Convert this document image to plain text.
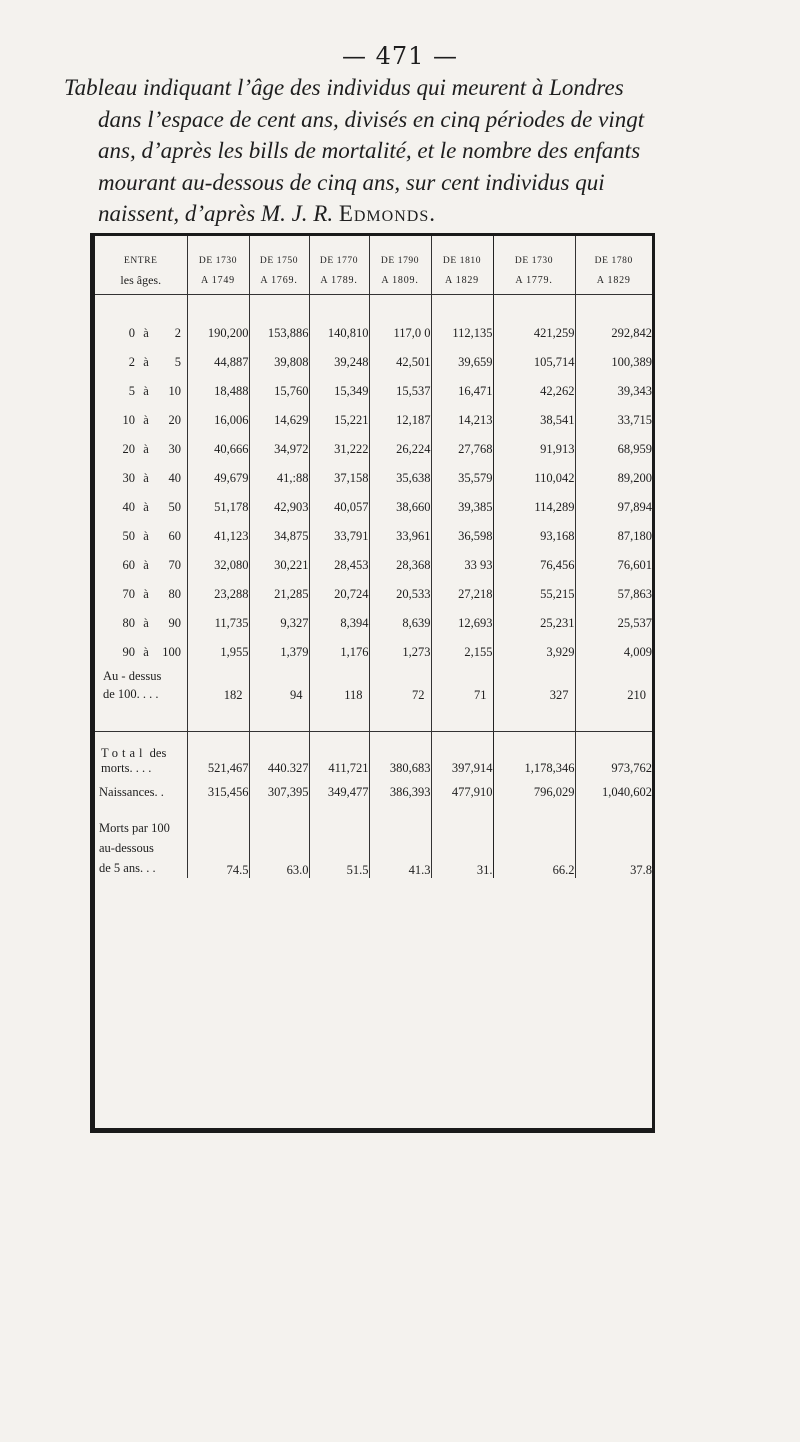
— 471 —
Tableau indiquant l’âge des individus qui meurent à Londres
dans l’espace de cent ans, divisés en cinq périodes de vingt
ans, d’après les bills de mortalité, et le nombre des enfants
mourant au-dessous de cinq ans, sur cent individus qui
naissent, d’après M. J. R. Edmonds.
ENTRE	DE 1730	DE 1750	DE 1770	DE 1790	DE 1810	DE 1730	DE 1780
les âges.	A 1749	A 1769.	A 1789.	A 1809.	A 1829	A 1779.	A 1829

0 à 2	190,200	153,886	140,810	117,0 0	112,135	421,259	292,842
2 à 5	44,887	39,808	39,248	42,501	39,659	105,714	100,389
5 à 10	18,488	15,760	15,349	15,537	16,471	42,262	39,343
10 à 20	16,006	14,629	15,221	12,187	14,213	38,541	33,715
20 à 30	40,666	34,972	31,222	26,224	27,768	91,913	68,959
30 à 40	49,679	41,:88	37,158	35,638	35,579	110,042	89,200
40 à 50	51,178	42,903	40,057	38,660	39,385	114,289	97,894
50 à 60	41,123	34,875	33,791	33,961	36,598	93,168	87,180
60 à 70	32,080	30,221	28,453	28,368	33 93	76,456	76,601
70 à 80	23,288	21,285	20,724	20,533	27,218	55,215	57,863
80 à 90	11,735	9,327	8,394	8,639	12,693	25,231	25,537
90 à 100	1,955	1,379	1,176	1,273	2,155	3,929	4,009
Au - dessus
de 100. . . .	182	94	118	72	71	327	210

Total des
morts. . . .	521,467	440.327	411,721	380,683	397,914	1,178,346	973,762
Naissances. .	315,456	307,395	349,477	386,393	477,910	796,029	1,040,602
Morts par 100
au-dessous
de 5 ans. . .	74.5	63.0	51.5	41.3	31.	66.2	37.8
